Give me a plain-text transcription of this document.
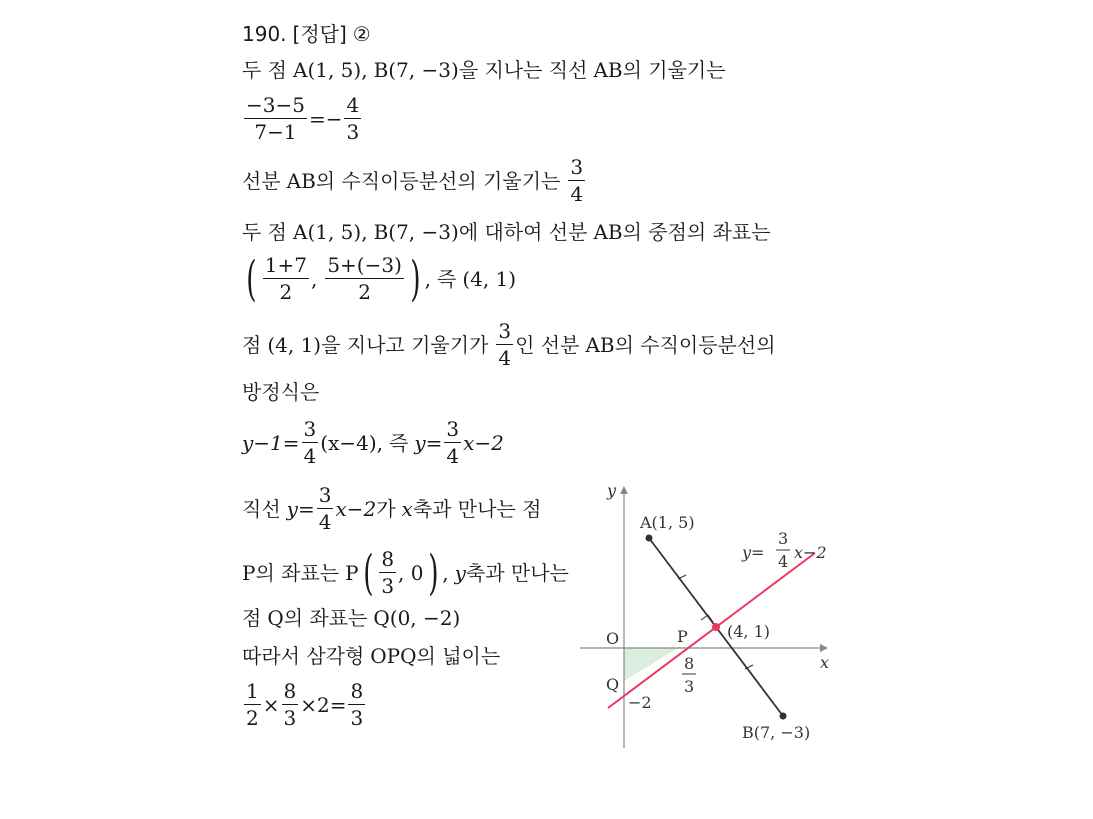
190. [정답] ②
두 점 A(1, 5), B(7, −3) 을 지나는 직선 AB 의 기울기는
$\frac{-3-5}{7-1} =- \frac{4}{3}$
선분 AB 의 수직이등분선의 기울기는 $\frac{3}{4}$
두 점 A(1, 5), B(7, −3) 에 대하여 선분 AB 의 중점의 좌표는
( $\frac{1+7}{2}$ , $\frac{5+(-3)}{2}$ ) , 즉 (4, 1)
점 (4, 1) 을 지나고 기울기가 $\frac{3}{4}$ 인 선분 AB 의 수직이등분선의
방정식은
$y-1= \frac{3}{4} (x-4)$, 즉 $y= \frac{3}{4} x-2$
직선 $y= \frac{3}{4} x-2$ 가 x 축과 만나는 점
P 의 좌표는 P ( $\frac{8}{3}$ , 0 ) , y 축과 만나는
점 Q 의 좌표는 Q(0, −2)
따라서 삼각형 OPQ 의 넓이는
$\frac{1}{2} \times \frac{8}{3} \times 2= \frac{8}{3}$
y
x
O
A(1, 5)
B(7, −3)
(4, 1)
P
Q
−2
8
3
y=
3
4 x−2
